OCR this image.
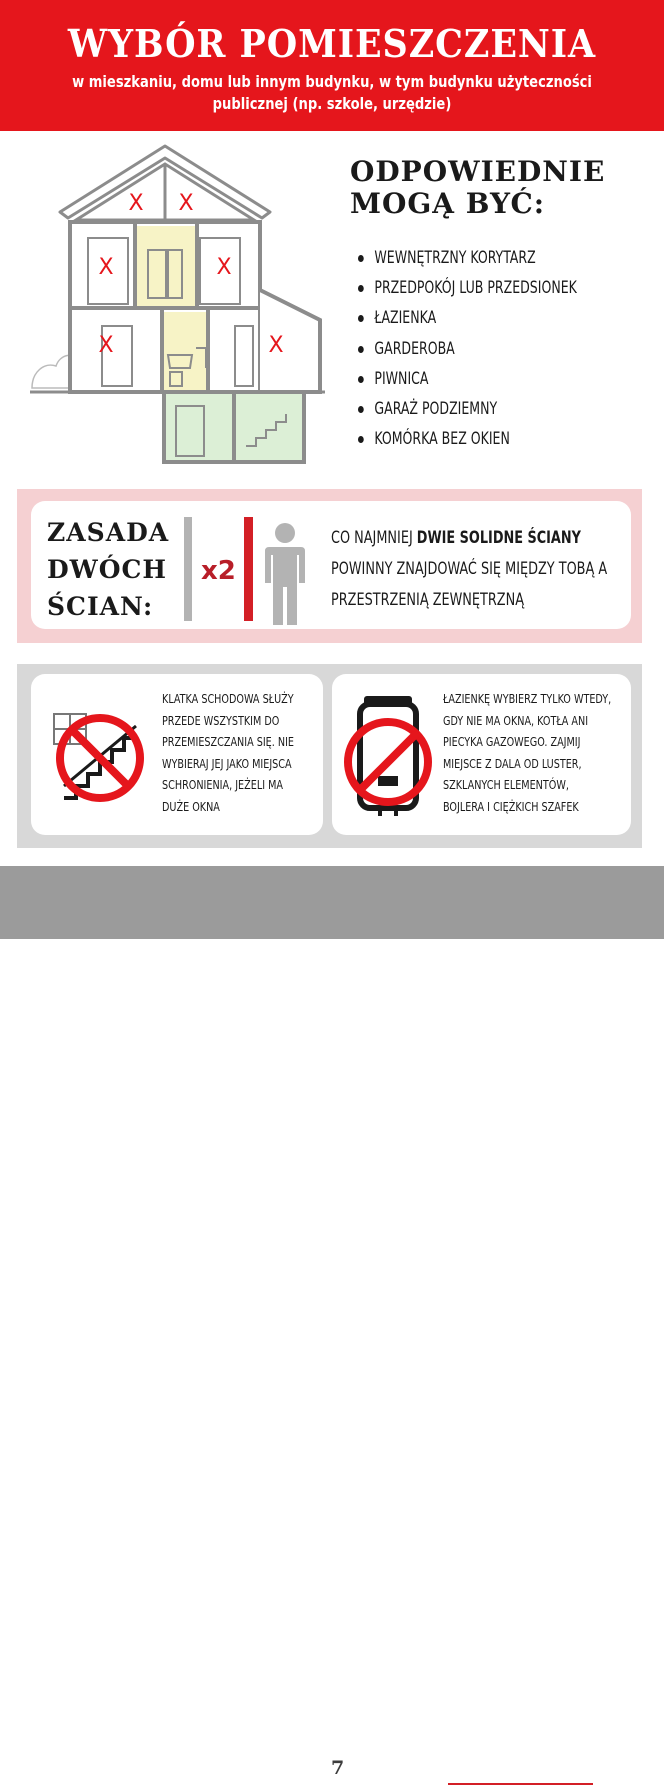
WYBÓR POMIESZCZENIA
w mieszkaniu, domu lub innym budynku, w tym budynku użyteczności
publicznej (np. szkole, urzędzie)
X X
X	X
X	X
ODPOWIEDNIE
MOGĄ BYĆ:
WEWNĘTRZNY KORYTARZ
PRZEDPOKÓJ LUB PRZEDSIONEK
ŁAZIENKA
GARDEROBA
PIWNICA
GARAŻ PODZIEMNY
KOMÓRKA BEZ OKIEN
ZASADA
DWÓCH
ŚCIAN:
x2
CO NAJMNIEJ DWIE SOLIDNE ŚCIANY
POWINNY ZNAJDOWAĆ SIĘ MIĘDZY TOBĄ A
PRZESTRZENIĄ ZEWNĘTRZNĄ
KLATKA SCHODOWA SŁUŻY
PRZEDE WSZYSTKIM DO
PRZEMIESZCZANIA SIĘ. NIE
WYBIERAJ JEJ JAKO MIEJSCA
SCHRONIENIA, JEŻELI MA
DUŻE OKNA
ŁAZIENKĘ WYBIERZ TYLKO WTEDY,
GDY NIE MA OKNA, KOTŁA ANI
PIECYKA GAZOWEGO. ZAJMIJ
MIEJSCE Z DALA OD LUSTER,
SZKLANYCH ELEMENTÓW,
BOJLERA I CIĘŻKICH SZAFEK
Ochrona ludności
i obrona cywilna	7	Ministerstwo Spraw
Wewnętrznych i Administracji
